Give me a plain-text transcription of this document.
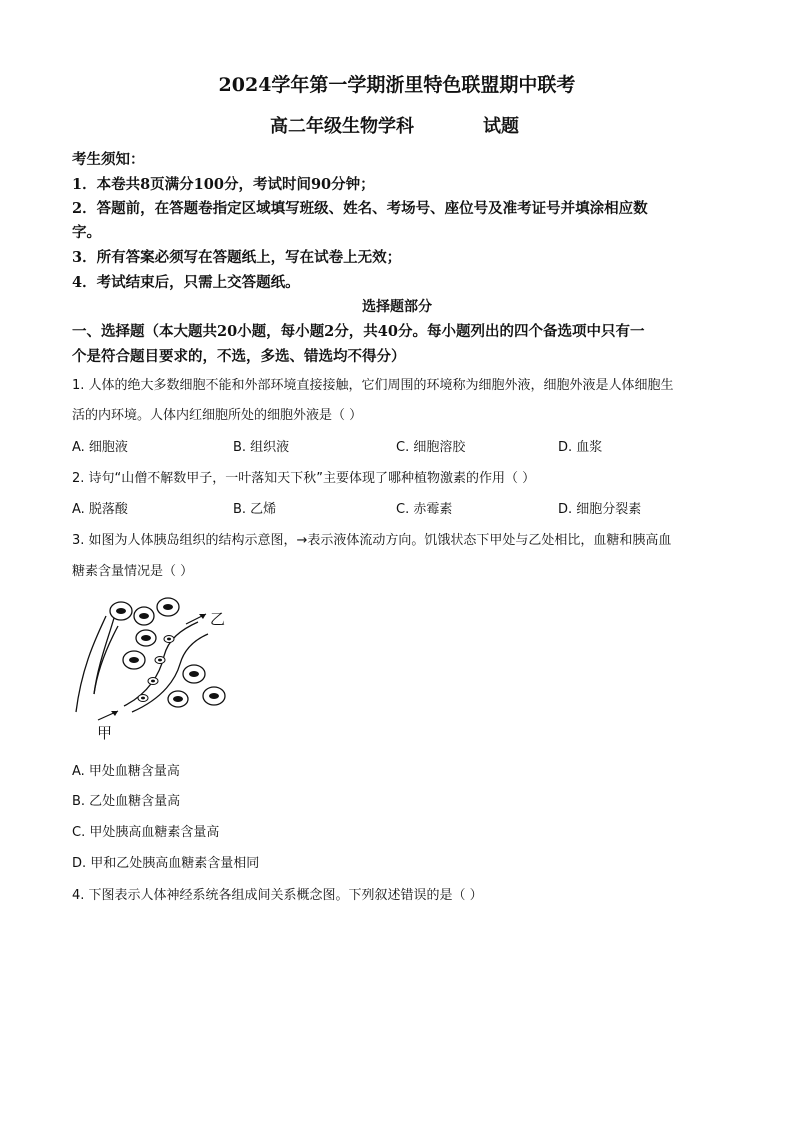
2024学年第一学期浙里特色联盟期中联考
高二年级生物学科	试题
考生须知：
1．本卷共8页满分100分，考试时间90分钟；
2．答题前，在答题卷指定区域填写班级、姓名、考场号、座位号及准考证号并填涂相应数
字。
3．所有答案必须写在答题纸上，写在试卷上无效；
4．考试结束后，只需上交答题纸。
选择题部分
一、选择题（本大题共20小题，每小题2分，共40分。每小题列出的四个备选项中只有一
个是符合题目要求的，不选，多选、错选均不得分）
1. 人体的绝大多数细胞不能和外部环境直接接触，它们周围的环境称为细胞外液，细胞外液是人体细胞生
活的内环境。人体内红细胞所处的细胞外液是（ ）
A. 细胞液	B. 组织液	C. 细胞溶胶	D. 血浆
2. 诗句“山僧不解数甲子，一叶落知天下秋”主要体现了哪种植物激素的作用（ ）
A. 脱落酸	B. 乙烯	C. 赤霉素	D. 细胞分裂素
3. 如图为人体胰岛组织的结构示意图，→表示液体流动方向。饥饿状态下甲处与乙处相比，血糖和胰高血
糖素含量情况是（ ）
乙
甲
A. 甲处血糖含量高
B. 乙处血糖含量高
C. 甲处胰高血糖素含量高
D. 甲和乙处胰高血糖素含量相同
4. 下图表示人体神经系统各组成间关系概念图。下列叙述错误的是（ ）
